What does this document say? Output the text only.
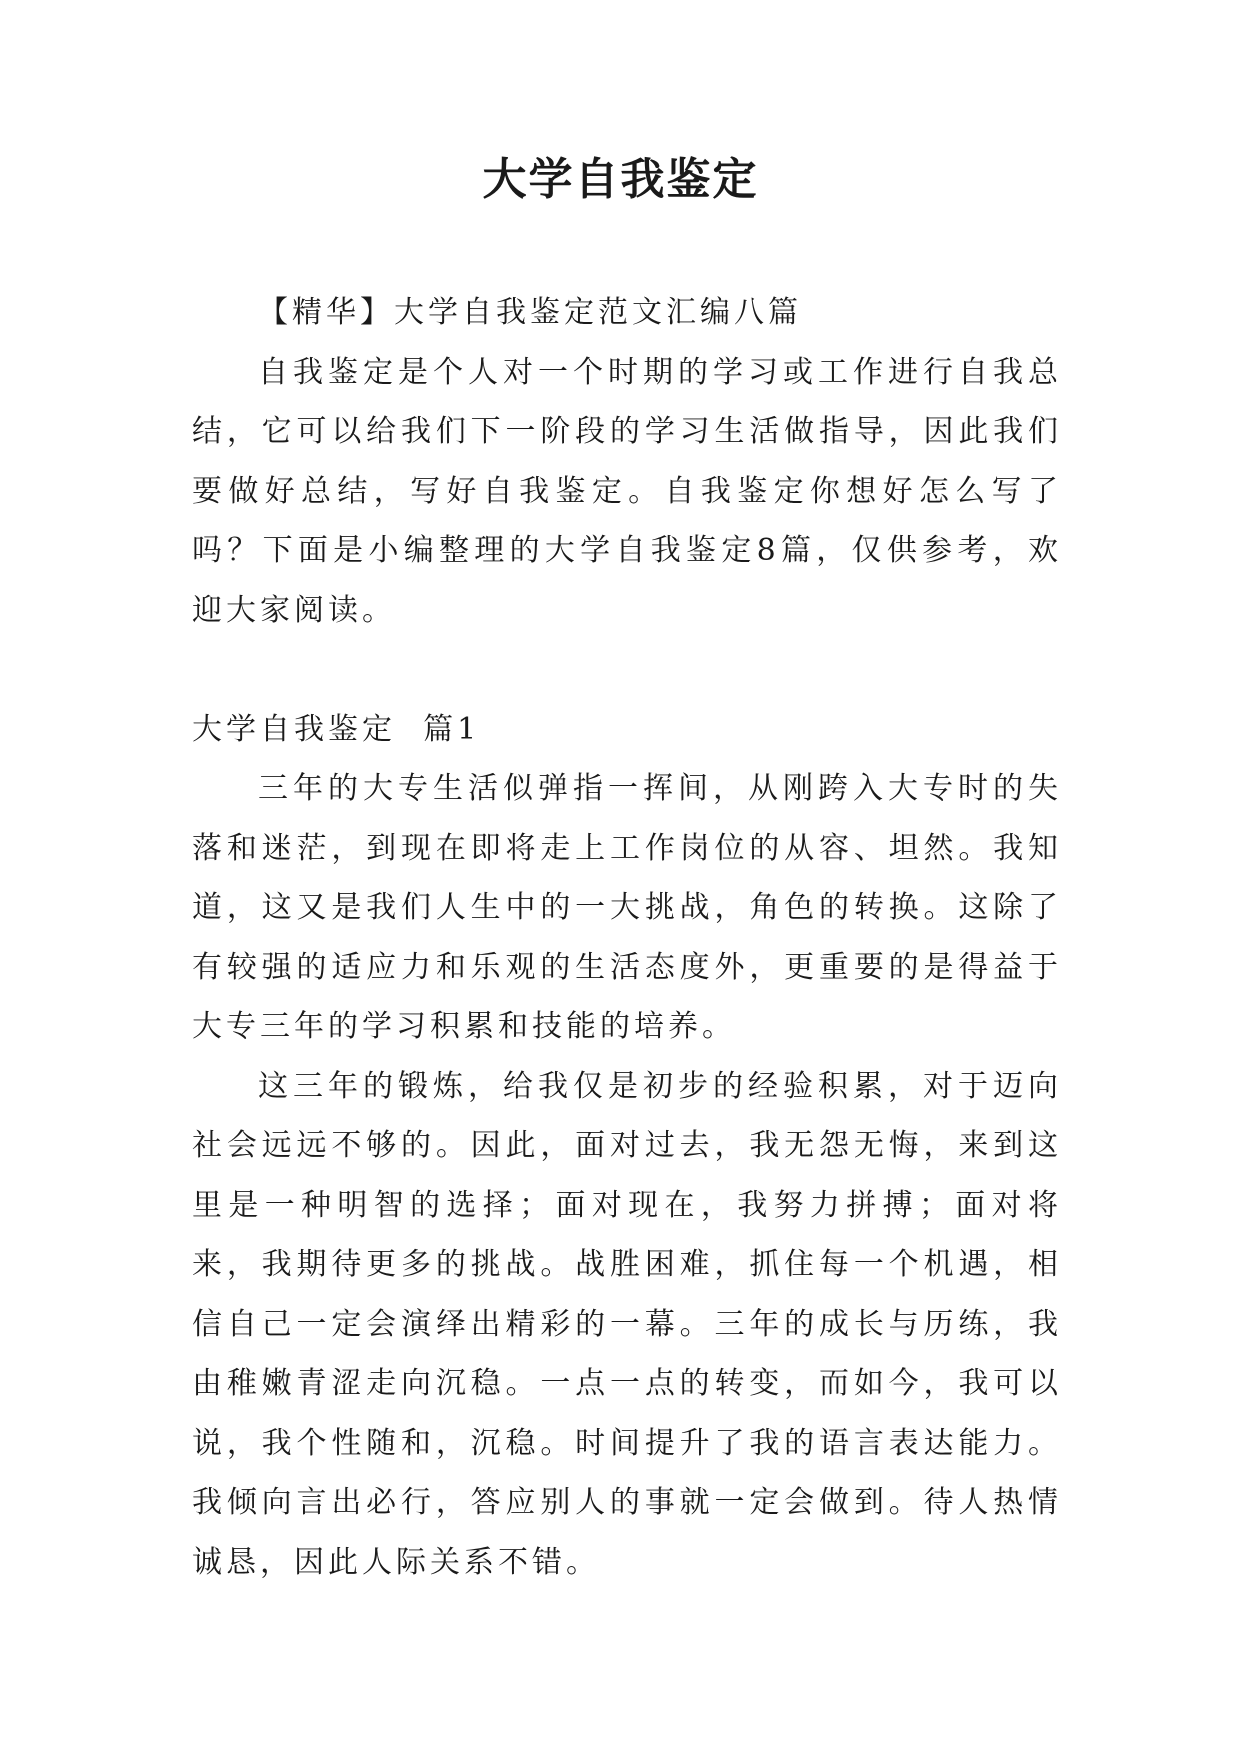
大学自我鉴定

【精华】大学自我鉴定范文汇编八篇

自我鉴定是个人对一个时期的学习或工作进行自我总结，它可以给我们下一阶段的学习生活做指导，因此我们要做好总结，写好自我鉴定。自我鉴定你想好怎么写了吗？下面是小编整理的大学自我鉴定8篇，仅供参考，欢迎大家阅读。

大学自我鉴定  篇1

三年的大专生活似弹指一挥间，从刚跨入大专时的失落和迷茫，到现在即将走上工作岗位的从容、坦然。我知道，这又是我们人生中的一大挑战，角色的转换。这除了有较强的适应力和乐观的生活态度外，更重要的是得益于大专三年的学习积累和技能的培养。

这三年的锻炼，给我仅是初步的经验积累，对于迈向社会远远不够的。因此，面对过去，我无怨无悔，来到这里是一种明智的选择；面对现在，我努力拼搏；面对将来，我期待更多的挑战。战胜困难，抓住每一个机遇，相信自己一定会演绎出精彩的一幕。三年的成长与历练，我由稚嫩青涩走向沉稳。一点一点的转变，而如今，我可以说，我个性随和，沉稳。时间提升了我的语言表达能力。我倾向言出必行，答应别人的事就一定会做到。待人热情诚恳，因此人际关系不错。
